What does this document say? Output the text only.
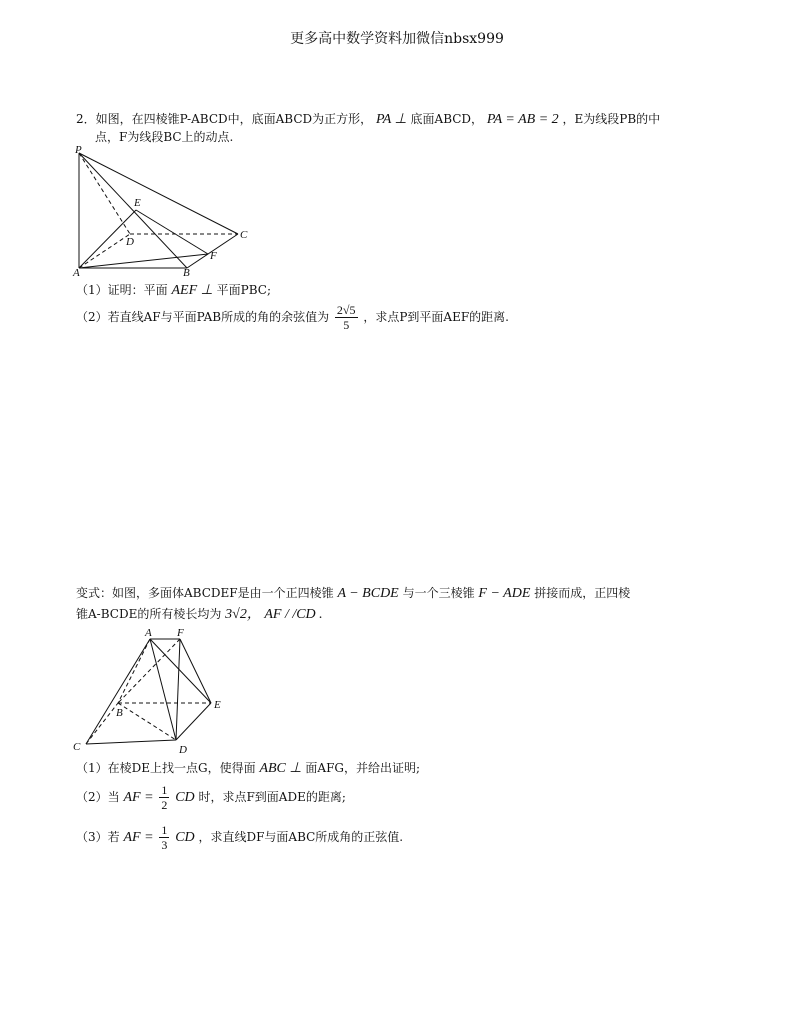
更多高中数学资料加微信nbsx999
2．如图，在四棱锥P-ABCD中，底面ABCD为正方形， PA ⊥ 底面ABCD， PA = AB = 2 ，E为线段PB的中
点，F为线段BC上的动点.
P
E
D
C
A	B
F
（1）证明：平面 AEF ⊥ 平面PBC;
（2）若直线AF与平面PAB所成的角的余弦值为 $\frac{2√5}{5}$ ，求点P到平面AEF的距离.
变式：如图，多面体ABCDEF是由一个正四棱锥 A − BCDE 与一个三棱锥 F − ADE 拼接而成，正四棱
锥A-BCDE的所有棱长均为 3√2， AF / /CD .
A F
B
E
C	D
（1）在棱DE上找一点G，使得面 ABC ⊥ 面AFG，并给出证明;
（2）当 AF = $\frac{1}{2}$ CD 时，求点F到面ADE的距离;
（3）若 AF = $\frac{1}{3}$ CD ，求直线DF与面ABC所成角的正弦值.
